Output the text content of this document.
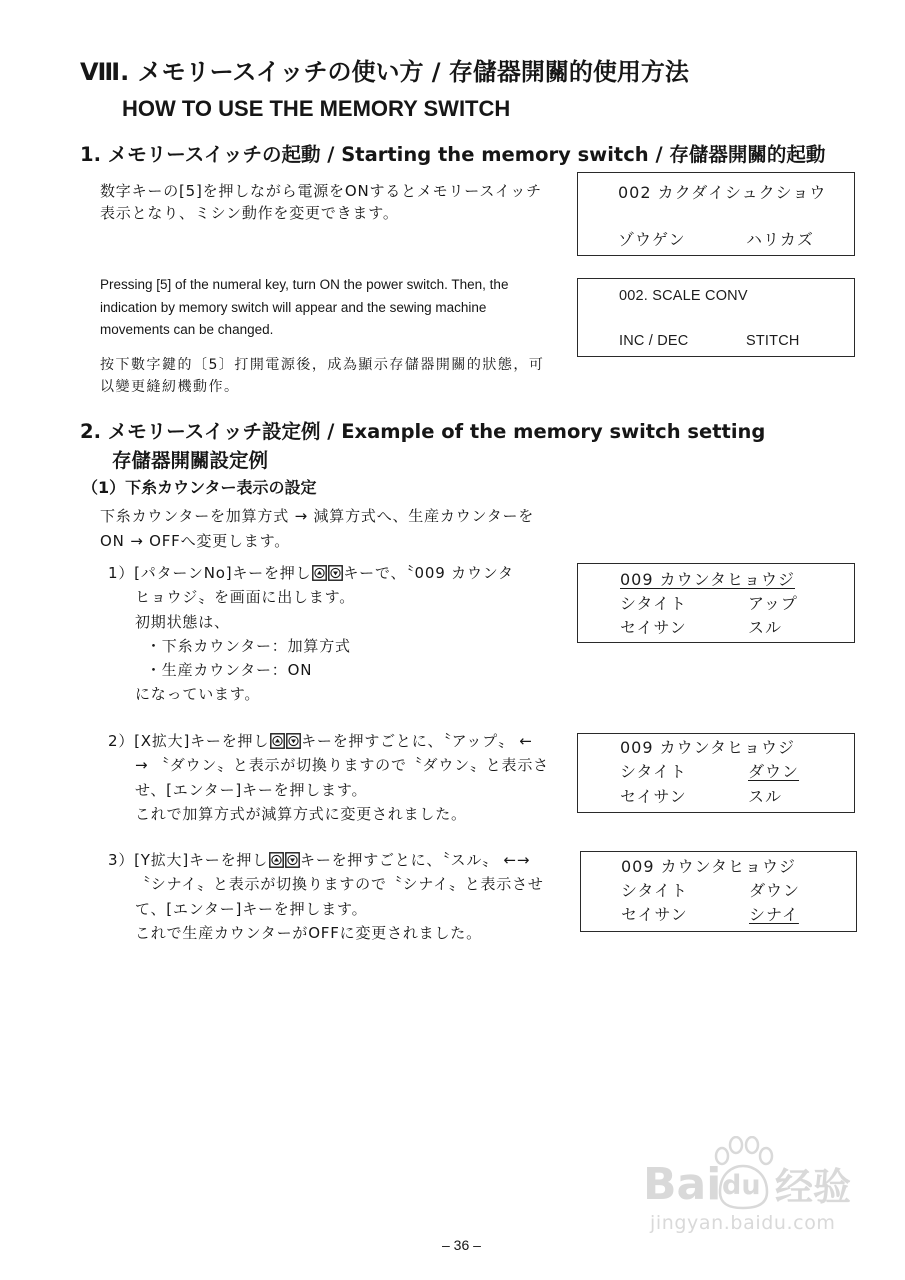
Ⅷ. メモリースイッチの使い方 / 存儲器開關的使用方法
HOW TO USE THE MEMORY SWITCH
1. メモリースイッチの起動 / Starting the memory switch / 存儲器開關的起動
数字キーの[5]を押しながら電源をONするとメモリースイッチ
表示となり、ミシン動作を変更できます。
002 カクダイシュクショウ
ゾウゲン	ハリカズ
Pressing [5] of the numeral key, turn ON the power switch. Then, the
indication by memory switch will appear and the sewing machine
movements can be changed.
002. SCALE CONV
INC / DEC	STITCH
按下數字鍵的〔5〕打開電源後，成為顯示存儲器開關的狀態，可
以變更縫紉機動作。
2. メモリースイッチ設定例 / Example of the memory switch setting
存儲器開關設定例
（1）下糸カウンター表示の設定
下糸カウンターを加算方式 → 減算方式へ、生産カウンターを
ON → OFFへ変更します。
1）[パターンNo]キーを押し キーで、〝009 カウンタ
ヒョウジ〟を画面に出します。
初期状態は、
・下糸カウンター：加算方式
・生産カウンター：ON
になっています。
009 カウンタヒョウジ
シタイト	アップ
セイサン	スル
2）[X拡大]キーを押し キーを押すごとに、〝アップ〟 ←
→ 〝ダウン〟と表示が切換りますので〝ダウン〟と表示さ
せ、[エンター]キーを押します。
これで加算方式が減算方式に変更されました。
009 カウンタヒョウジ
シタイト	ダウン
セイサン	スル
3）[Y拡大]キーを押し キーを押すごとに、〝スル〟 ←→
〝シナイ〟と表示が切換りますので〝シナイ〟と表示させ
て、[エンター]キーを押します。
これで生産カウンターがOFFに変更されました。
009 カウンタヒョウジ
シタイト	ダウン
セイサン	シナイ
Bai du 经验
jingyan.baidu.com
– 36 –
